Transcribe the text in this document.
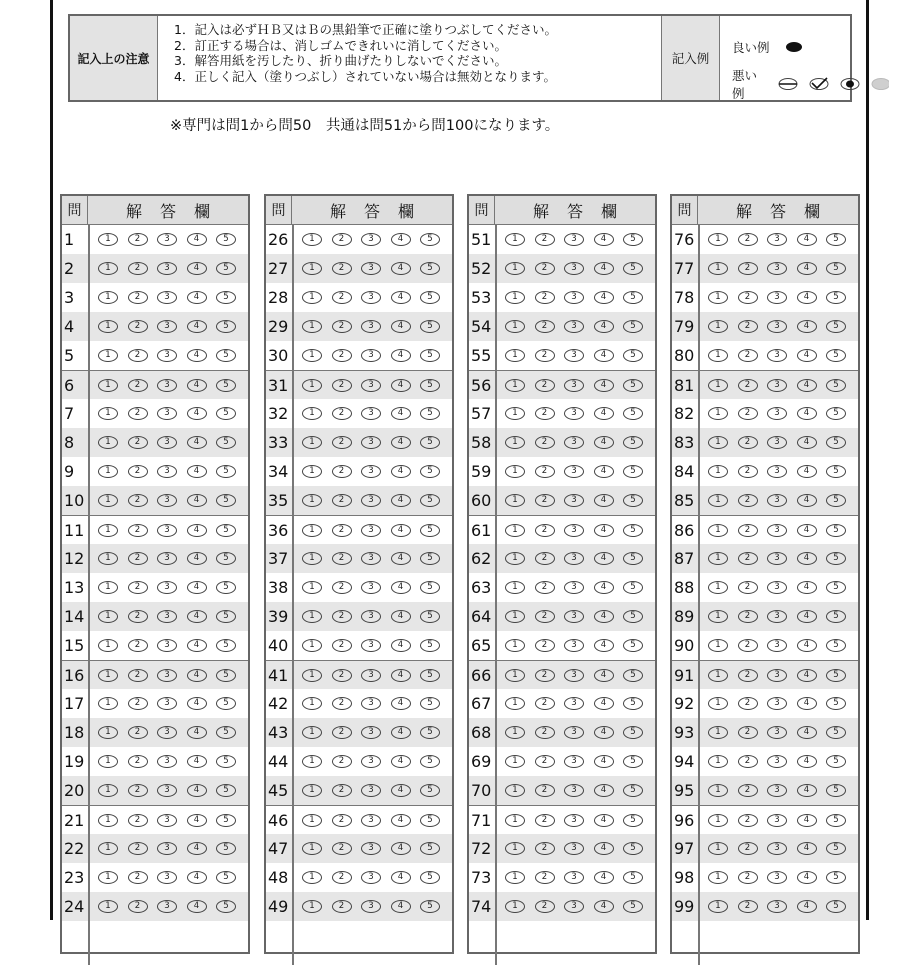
記入上の注意
1．記入は必ずＨＢ又はＢの黒鉛筆で正確に塗りつぶしてください。
2．訂正する場合は、消しゴムできれいに消してください。
3．解答用紙を汚したり、折り曲げたりしないでください。
4．正しく記入（塗りつぶし）されていない場合は無効となります。
記入例
良い例
悪い例
※専門は問1から問50　共通は問51から問100になります。
問	解答欄
1	1	2	3	4	5
2	1	2	3	4	5
3	1	2	3	4	5
4	1	2	3	4	5
5	1	2	3	4	5
6	1	2	3	4	5
7	1	2	3	4	5
8	1	2	3	4	5
9	1	2	3	4	5
10	1	2	3	4	5
11	1	2	3	4	5
12	1	2	3	4	5
13	1	2	3	4	5
14	1	2	3	4	5
15	1	2	3	4	5
16	1	2	3	4	5
17	1	2	3	4	5
18	1	2	3	4	5
19	1	2	3	4	5
20	1	2	3	4	5
21	1	2	3	4	5
22	1	2	3	4	5
23	1	2	3	4	5
24	1	2	3	4	5
問	解答欄
26	1	2	3	4	5
27	1	2	3	4	5
28	1	2	3	4	5
29	1	2	3	4	5
30	1	2	3	4	5
31	1	2	3	4	5
32	1	2	3	4	5
33	1	2	3	4	5
34	1	2	3	4	5
35	1	2	3	4	5
36	1	2	3	4	5
37	1	2	3	4	5
38	1	2	3	4	5
39	1	2	3	4	5
40	1	2	3	4	5
41	1	2	3	4	5
42	1	2	3	4	5
43	1	2	3	4	5
44	1	2	3	4	5
45	1	2	3	4	5
46	1	2	3	4	5
47	1	2	3	4	5
48	1	2	3	4	5
49	1	2	3	4	5
問	解答欄
51	1	2	3	4	5
52	1	2	3	4	5
53	1	2	3	4	5
54	1	2	3	4	5
55	1	2	3	4	5
56	1	2	3	4	5
57	1	2	3	4	5
58	1	2	3	4	5
59	1	2	3	4	5
60	1	2	3	4	5
61	1	2	3	4	5
62	1	2	3	4	5
63	1	2	3	4	5
64	1	2	3	4	5
65	1	2	3	4	5
66	1	2	3	4	5
67	1	2	3	4	5
68	1	2	3	4	5
69	1	2	3	4	5
70	1	2	3	4	5
71	1	2	3	4	5
72	1	2	3	4	5
73	1	2	3	4	5
74	1	2	3	4	5
問	解答欄
76	1	2	3	4	5
77	1	2	3	4	5
78	1	2	3	4	5
79	1	2	3	4	5
80	1	2	3	4	5
81	1	2	3	4	5
82	1	2	3	4	5
83	1	2	3	4	5
84	1	2	3	4	5
85	1	2	3	4	5
86	1	2	3	4	5
87	1	2	3	4	5
88	1	2	3	4	5
89	1	2	3	4	5
90	1	2	3	4	5
91	1	2	3	4	5
92	1	2	3	4	5
93	1	2	3	4	5
94	1	2	3	4	5
95	1	2	3	4	5
96	1	2	3	4	5
97	1	2	3	4	5
98	1	2	3	4	5
99	1	2	3	4	5
